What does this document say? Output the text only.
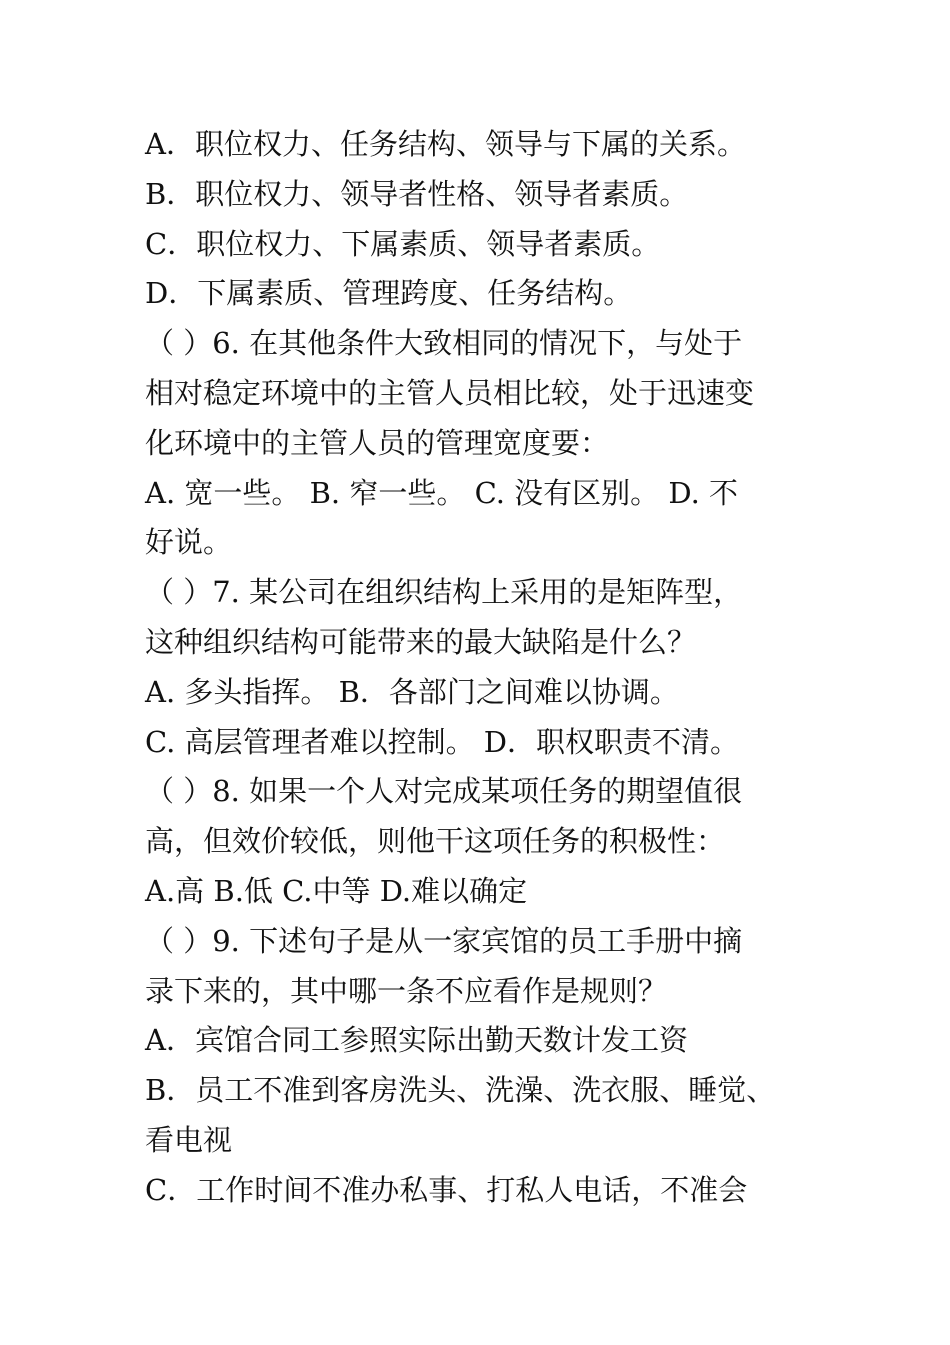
A．职位权力、任务结构、领导与下属的关系。
B．职位权力、领导者性格、领导者素质。
C．职位权力、下属素质、领导者素质。
D．下属素质、管理跨度、任务结构。
（ ）6. 在其他条件大致相同的情况下，与处于
相对稳定环境中的主管人员相比较，处于迅速变
化环境中的主管人员的管理宽度要：
A. 宽一些。 B. 窄一些。 C. 没有区别。 D. 不
好说。
（ ）7. 某公司在组织结构上采用的是矩阵型，
这种组织结构可能带来的最大缺陷是什么？
A. 多头指挥。 B．各部门之间难以协调。
C. 高层管理者难以控制。 D．职权职责不清。
（ ）8. 如果一个人对完成某项任务的期望值很
高，但效价较低，则他干这项任务的积极性：
A.高 B.低 C.中等 D.难以确定
（ ）9. 下述句子是从一家宾馆的员工手册中摘
录下来的，其中哪一条不应看作是规则？
A．宾馆合同工参照实际出勤天数计发工资
B．员工不准到客房洗头、洗澡、洗衣服、睡觉、
看电视
C．工作时间不准办私事、打私人电话，不准会
